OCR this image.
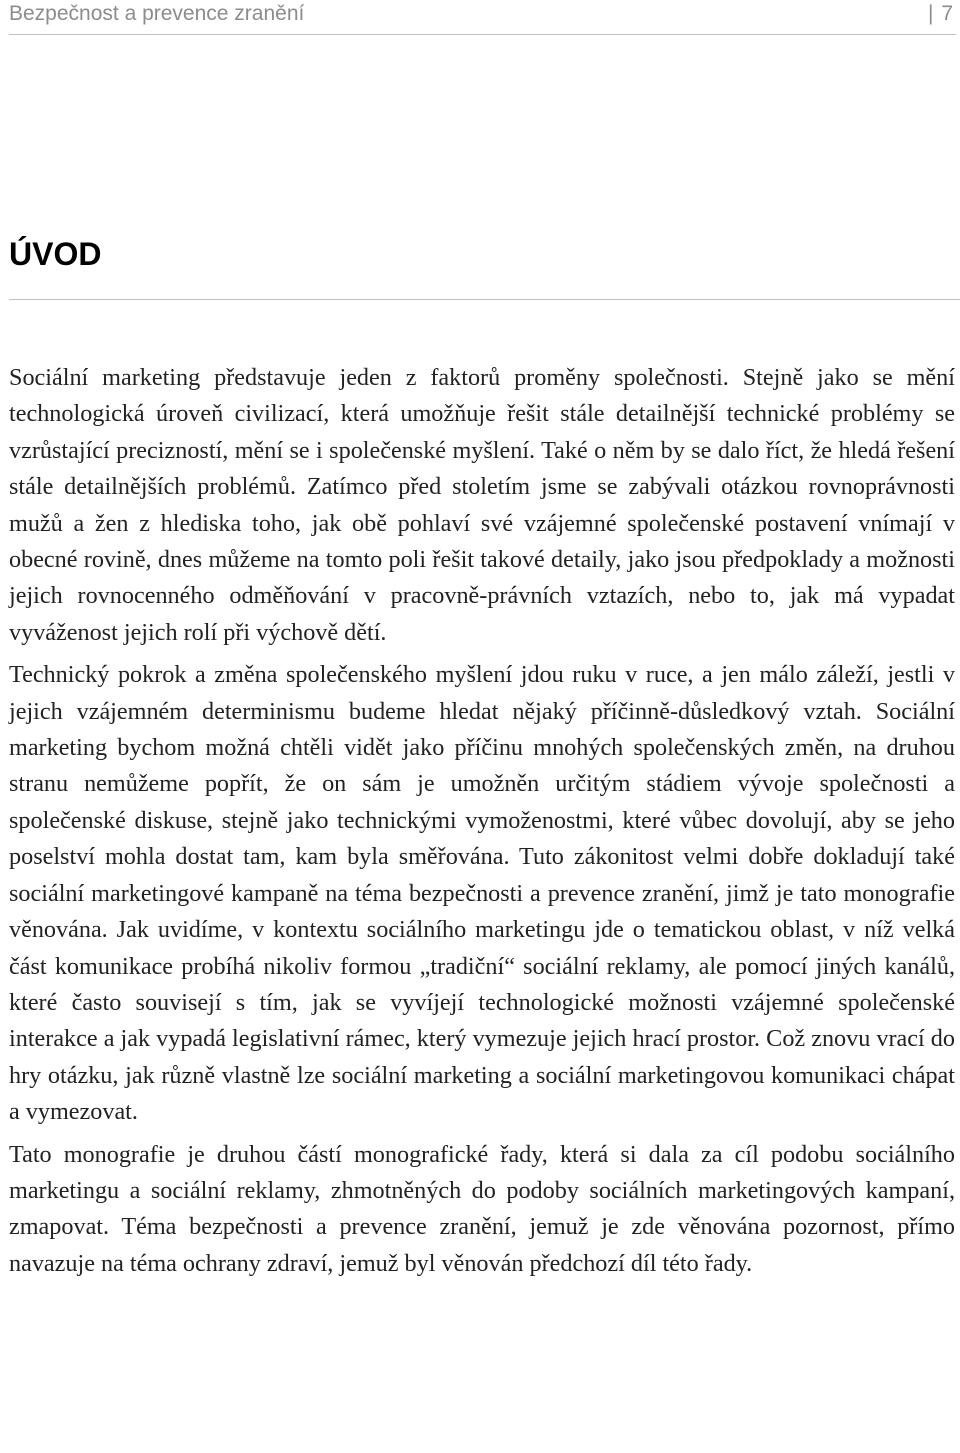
Bezpečnost a prevence zranění	| 7
ÚVOD

Sociální marketing představuje jeden z faktorů proměny společnosti. Stejně jako se mění technologická úroveň civilizací, která umožňuje řešit stále detailnější technické problémy se vzrůstající precizností, mění se i společenské myšlení. Také o něm by se dalo říct, že hledá řešení stále detailnějších problémů. Zatímco před stoletím jsme se zabývali otázkou rovnoprávnosti mužů a žen z hlediska toho, jak obě pohlaví své vzájemné společenské postavení vnímají v obecné rovině, dnes můžeme na tomto poli řešit takové detaily, jako jsou předpoklady a možnosti jejich rovnocenného odměňování v pracovně-právních vztazích, nebo to, jak má vypadat vyváženost jejich rolí při výchově dětí.

Technický pokrok a změna společenského myšlení jdou ruku v ruce, a jen málo záleží, jestli v jejich vzájemném determinismu budeme hledat nějaký příčinně-důsledkový vztah. Sociální marketing bychom možná chtěli vidět jako příčinu mnohých společenských změn, na druhou stranu nemůžeme popřít, že on sám je umožněn určitým stádiem vývoje společnosti a společenské diskuse, stejně jako technickými vymoženostmi, které vůbec dovolují, aby se jeho poselství mohla dostat tam, kam byla směřována. Tuto zákonitost velmi dobře dokladují také sociální marketingové kampaně na téma bezpečnosti a prevence zranění, jimž je tato monografie věnována. Jak uvidíme, v kontextu sociálního marketingu jde o tematickou oblast, v níž velká část komunikace probíhá nikoliv formou „tradiční“ sociální reklamy, ale pomocí jiných kanálů, které často souvisejí s tím, jak se vyvíjejí technologické možnosti vzájemné společenské interakce a jak vypadá legislativní rámec, který vymezuje jejich hrací prostor. Což znovu vrací do hry otázku, jak různě vlastně lze sociální marketing a sociální marketingovou komunikaci chápat a vymezovat.

Tato monografie je druhou částí monografické řady, která si dala za cíl podobu sociálního marketingu a sociální reklamy, zhmotněných do podoby sociálních marketingových kampaní, zmapovat. Téma bezpečnosti a prevence zranění, jemuž je zde věnována pozornost, přímo navazuje na téma ochrany zdraví, jemuž byl věnován předchozí díl této řady.
